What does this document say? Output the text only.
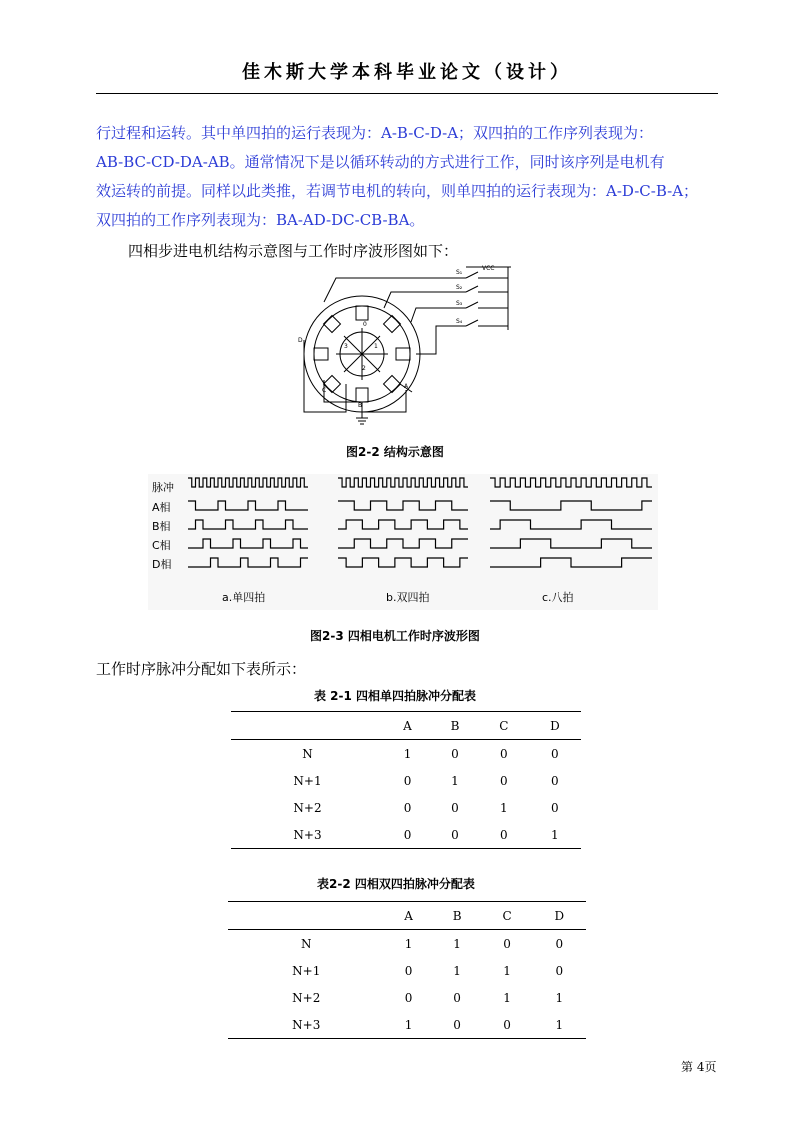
佳木斯大学本科毕业论文（设计）
行过程和运转。其中单四拍的运行表现为：A-B-C-D-A；双四拍的工作序列表现为：
AB-BC-CD-DA-AB。通常情况下是以循环转动的方式进行工作，同时该序列是电机有
效运转的前提。同样以此类推，若调节电机的转向，则单四拍的运行表现为：A-D-C-B-A；
双四拍的工作序列表现为：BA-AD-DC-CB-BA。
四相步进电机结构示意图与工作时序波形图如下：
VCC
S₁
S₂
S₃
S₄
A
B
C
D
0
1
2
3
图2-2 结构示意图
脉冲
A相
B相
C相
D相
a.单四拍	b.双四拍	c.八拍
图2-3 四相电机工作时序波形图
工作时序脉冲分配如下表所示：
表 2-1 四相单四拍脉冲分配表
	A	B	C	D
N	1	0	0	0
N+1	0	1	0	0
N+2	0	0	1	0
N+3	0	0	0	1
表2-2 四相双四拍脉冲分配表
	A	B	C	D
N	1	1	0	0
N+1	0	1	1	0
N+2	0	0	1	1
N+3	1	0	0	1
第 4页
